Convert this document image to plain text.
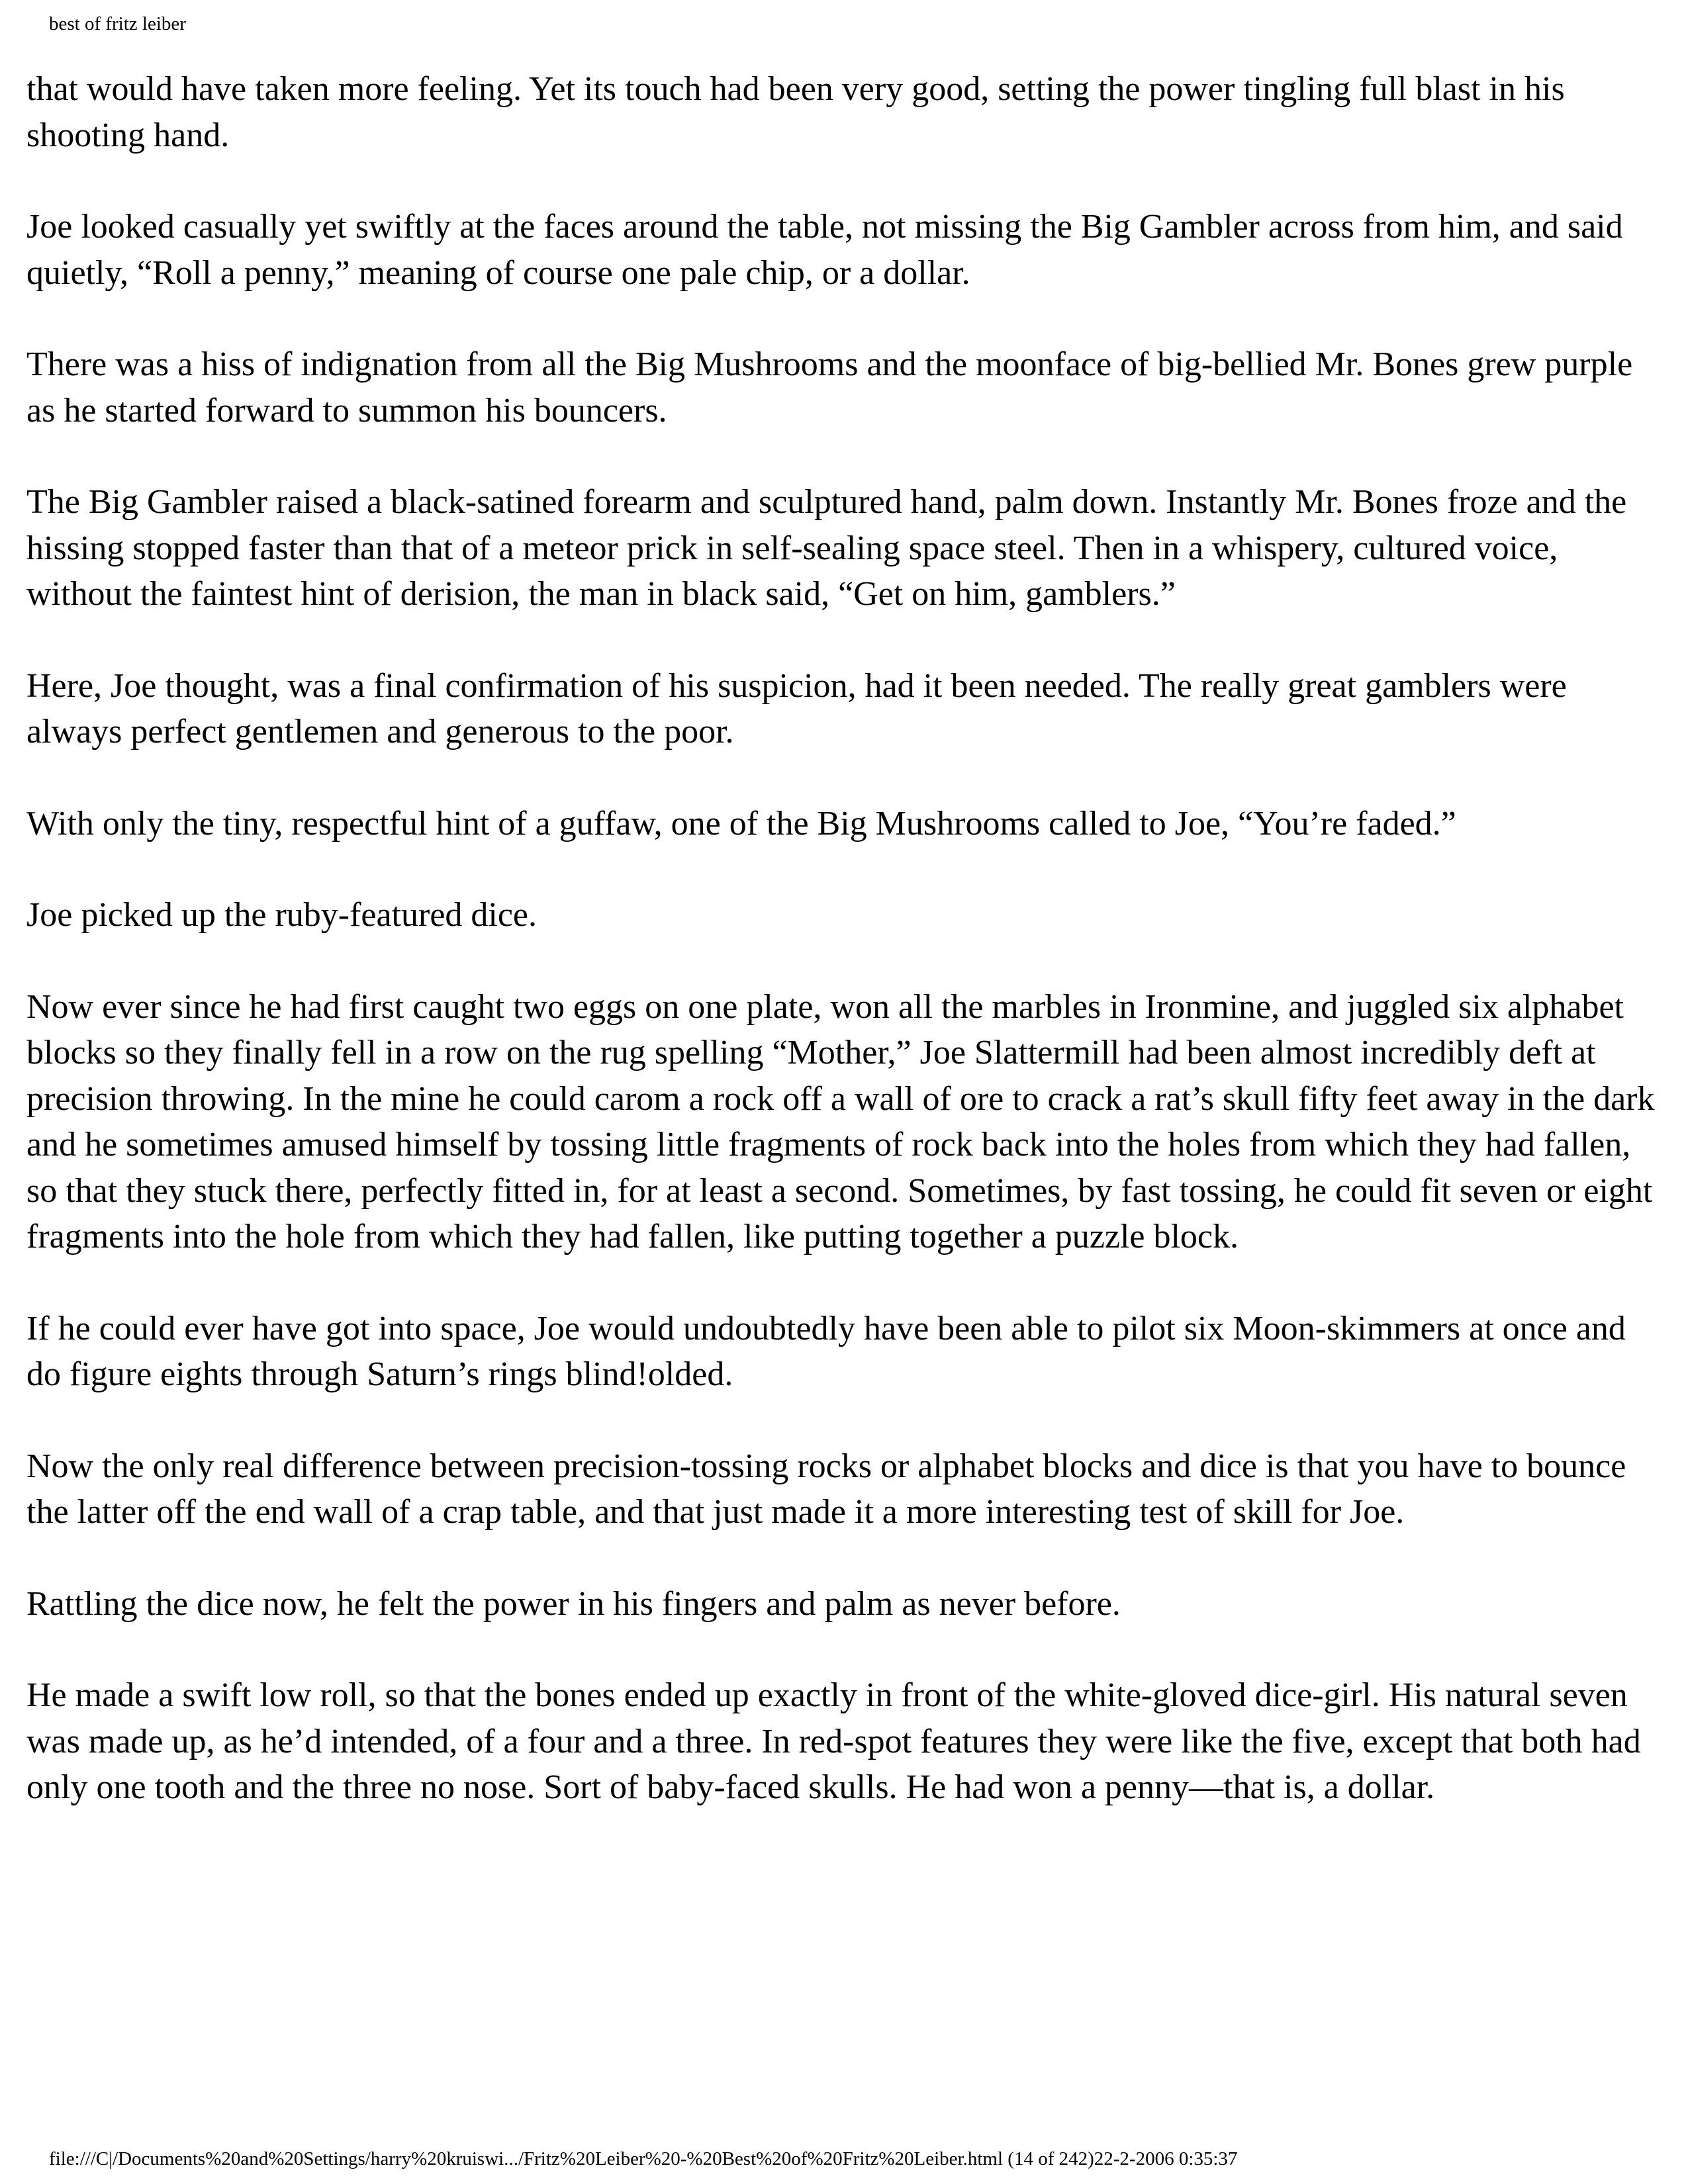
best of fritz leiber

that would have taken more feeling. Yet its touch had been very good, setting the power tingling full blast in his shooting hand.

Joe looked casually yet swiftly at the faces around the table, not missing the Big Gambler across from him, and said quietly, “Roll a penny,” meaning of course one pale chip, or a dollar.

There was a hiss of indignation from all the Big Mushrooms and the moonface of big-bellied Mr. Bones grew purple as he started forward to summon his bouncers.

The Big Gambler raised a black-satined forearm and sculptured hand, palm down. Instantly Mr. Bones froze and the hissing stopped faster than that of a meteor prick in self-sealing space steel. Then in a whispery, cultured voice, without the faintest hint of derision, the man in black said, “Get on him, gamblers.”

Here, Joe thought, was a final confirmation of his suspicion, had it been needed. The really great gamblers were always perfect gentlemen and generous to the poor.

With only the tiny, respectful hint of a guffaw, one of the Big Mushrooms called to Joe, “You’re faded.”

Joe picked up the ruby-featured dice.

Now ever since he had first caught two eggs on one plate, won all the marbles in Ironmine, and juggled six alphabet blocks so they finally fell in a row on the rug spelling “Mother,” Joe Slattermill had been almost incredibly deft at precision throwing. In the mine he could carom a rock off a wall of ore to crack a rat’s skull fifty feet away in the dark and he sometimes amused himself by tossing little fragments of rock back into the holes from which they had fallen, so that they stuck there, perfectly fitted in, for at least a second. Sometimes, by fast tossing, he could fit seven or eight fragments into the hole from which they had fallen, like putting together a puzzle block.

If he could ever have got into space, Joe would undoubtedly have been able to pilot six Moon-skimmers at once and do figure eights through Saturn’s rings blind!olded.

Now the only real difference between precision-tossing rocks or alphabet blocks and dice is that you have to bounce the latter off the end wall of a crap table, and that just made it a more interesting test of skill for Joe.

Rattling the dice now, he felt the power in his fingers and palm as never before.

He made a swift low roll, so that the bones ended up exactly in front of the white-gloved dice-girl. His natural seven was made up, as he’d intended, of a four and a three. In red-spot features they were like the five, except that both had only one tooth and the three no nose. Sort of baby-faced skulls. He had won a penny—that is, a dollar.

file:///C|/Documents%20and%20Settings/harry%20kruiswi.../Fritz%20Leiber%20-%20Best%20of%20Fritz%20Leiber.html (14 of 242)22-2-2006 0:35:37
